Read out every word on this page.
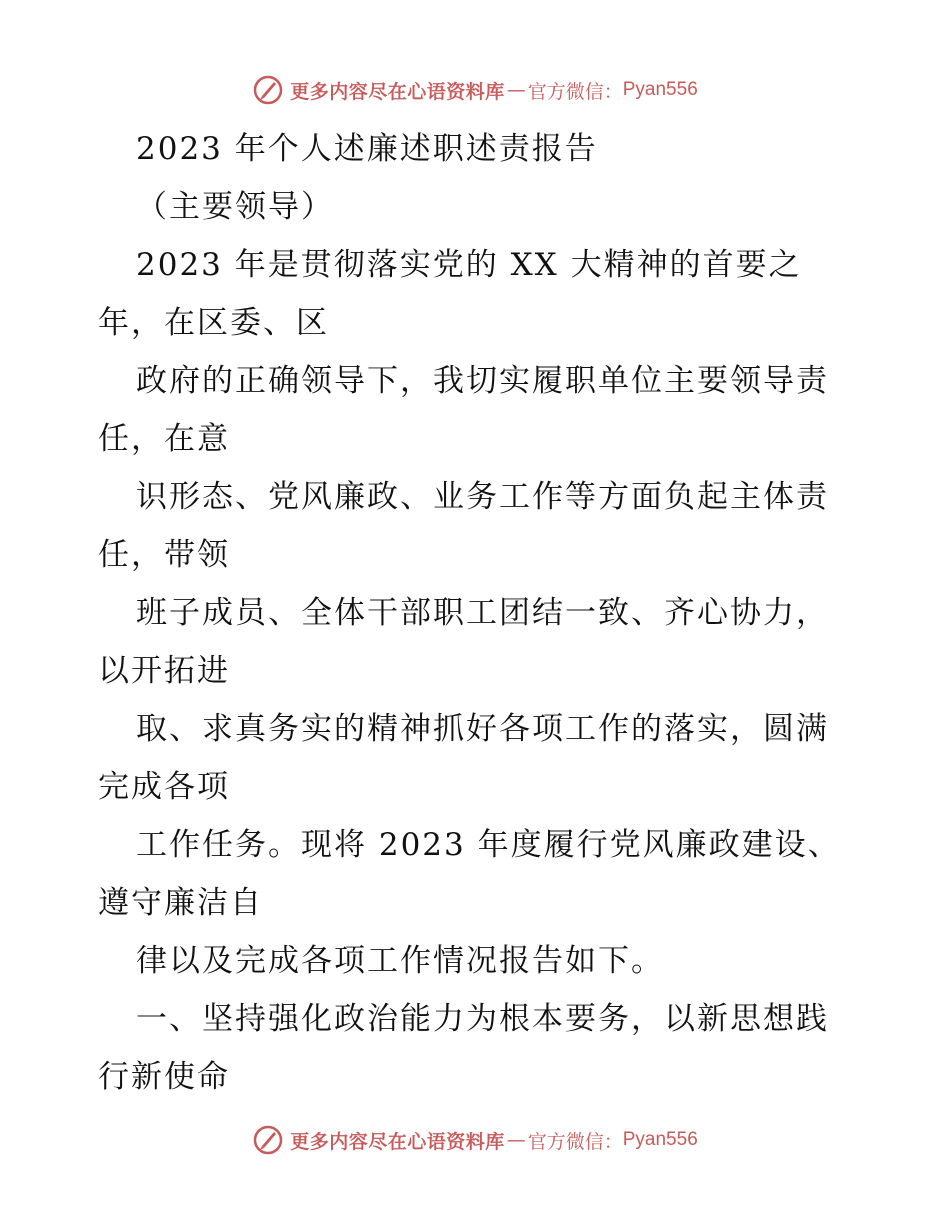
更多内容尽在心语资料库 — 官方微信： Pyan556
2023 年个人述廉述职述责报告
（主要领导）
2023 年是贯彻落实党的 XX 大精神的首要之
年，在区委、区
政府的正确领导下，我切实履职单位主要领导责
任，在意
识形态、党风廉政、业务工作等方面负起主体责
任，带领
班子成员、全体干部职工团结一致、齐心协力，
以开拓进
取、求真务实的精神抓好各项工作的落实，圆满
完成各项
工作任务。现将 2023 年度履行党风廉政建设、
遵守廉洁自
律以及完成各项工作情况报告如下。
一、坚持强化政治能力为根本要务，以新思想践
行新使命
更多内容尽在心语资料库 — 官方微信： Pyan556
